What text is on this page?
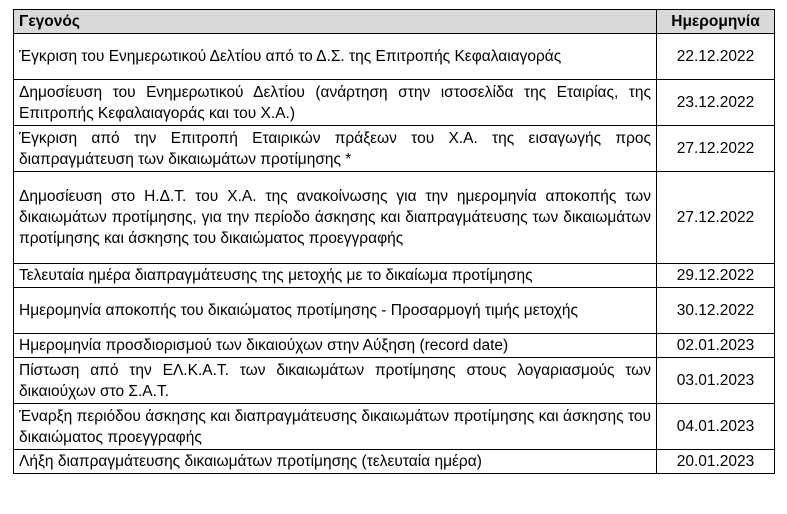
Γεγονός	Ημερομηνία
Έγκριση του Ενημερωτικού Δελτίου από το Δ.Σ. της Επιτροπής Κεφαλαιαγοράς	22.12.2022
Δημοσίευση του Ενημερωτικού Δελτίου (ανάρτηση στην ιστοσελίδα της Εταιρίας, της Επιτροπής Κεφαλαιαγοράς και του Χ.Α.)	23.12.2022
Έγκριση από την Επιτροπή Εταιρικών πράξεων του Χ.Α. της εισαγωγής προς διαπραγμάτευση των δικαιωμάτων προτίμησης *	27.12.2022
Δημοσίευση στο Η.Δ.Τ. του Χ.Α. της ανακοίνωσης για την ημερομηνία αποκοπής των δικαιωμάτων προτίμησης, για την περίοδο άσκησης και διαπραγμάτευσης των δικαιωμάτων προτίμησης και άσκησης του δικαιώματος προεγγραφής	27.12.2022
Τελευταία ημέρα διαπραγμάτευσης της μετοχής με το δικαίωμα προτίμησης	29.12.2022
Ημερομηνία αποκοπής του δικαιώματος προτίμησης - Προσαρμογή τιμής μετοχής	30.12.2022
Ημερομηνία προσδιορισμού των δικαιούχων στην Αύξηση (record date)	02.01.2023
Πίστωση από την ΕΛ.Κ.Α.Τ. των δικαιωμάτων προτίμησης στους λογαριασμούς των δικαιούχων στο Σ.Α.Τ.	03.01.2023
Έναρξη περιόδου άσκησης και διαπραγμάτευσης δικαιωμάτων προτίμησης και άσκησης του δικαιώματος προεγγραφής	04.01.2023
Λήξη διαπραγμάτευσης δικαιωμάτων προτίμησης (τελευταία ημέρα)	20.01.2023
